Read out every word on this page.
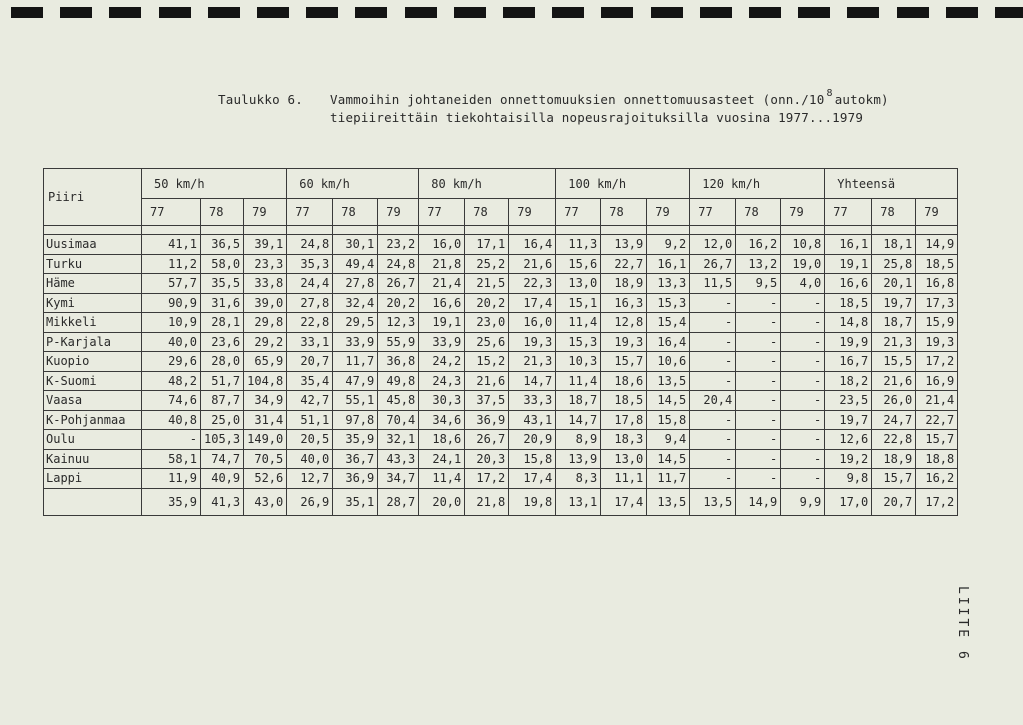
Taulukko 6. Vammoihin johtaneiden onnettomuuksien onnettomuusasteet (onn./10 $^8$ autokm)
tiepiireittäin tiekohtaisilla nopeusrajoituksilla vuosina 1977...1979
Piiri	50 km/h			60 km/h			80 km/h			100 km/h			120 km/h			Yhteensä		
	77	78	79	77	78	79	77	78	79	77	78	79	77	78	79	77	78	79

Uusimaa	41,1	36,5	39,1	24,8	30,1	23,2	16,0	17,1	16,4	11,3	13,9	9,2	12,0	16,2	10,8	16,1	18,1	14,9
Turku	11,2	58,0	23,3	35,3	49,4	24,8	21,8	25,2	21,6	15,6	22,7	16,1	26,7	13,2	19,0	19,1	25,8	18,5
Häme	57,7	35,5	33,8	24,4	27,8	26,7	21,4	21,5	22,3	13,0	18,9	13,3	11,5	9,5	4,0	16,6	20,1	16,8
Kymi	90,9	31,6	39,0	27,8	32,4	20,2	16,6	20,2	17,4	15,1	16,3	15,3	-	-	-	18,5	19,7	17,3
Mikkeli	10,9	28,1	29,8	22,8	29,5	12,3	19,1	23,0	16,0	11,4	12,8	15,4	-	-	-	14,8	18,7	15,9
P-Karjala	40,0	23,6	29,2	33,1	33,9	55,9	33,9	25,6	19,3	15,3	19,3	16,4	-	-	-	19,9	21,3	19,3
Kuopio	29,6	28,0	65,9	20,7	11,7	36,8	24,2	15,2	21,3	10,3	15,7	10,6	-	-	-	16,7	15,5	17,2
K-Suomi	48,2	51,7	104,8	35,4	47,9	49,8	24,3	21,6	14,7	11,4	18,6	13,5	-	-	-	18,2	21,6	16,9
Vaasa	74,6	87,7	34,9	42,7	55,1	45,8	30,3	37,5	33,3	18,7	18,5	14,5	20,4	-	-	23,5	26,0	21,4
K-Pohjanmaa	40,8	25,0	31,4	51,1	97,8	70,4	34,6	36,9	43,1	14,7	17,8	15,8	-	-	-	19,7	24,7	22,7
Oulu	-	105,3	149,0	20,5	35,9	32,1	18,6	26,7	20,9	8,9	18,3	9,4	-	-	-	12,6	22,8	15,7
Kainuu	58,1	74,7	70,5	40,0	36,7	43,3	24,1	20,3	15,8	13,9	13,0	14,5	-	-	-	19,2	18,9	18,8
Lappi	11,9	40,9	52,6	12,7	36,9	34,7	11,4	17,2	17,4	8,3	11,1	11,7	-	-	-	9,8	15,7	16,2
	35,9	41,3	43,0	26,9	35,1	28,7	20,0	21,8	19,8	13,1	17,4	13,5	13,5	14,9	9,9	17,0	20,7	17,2
LIITE 6
